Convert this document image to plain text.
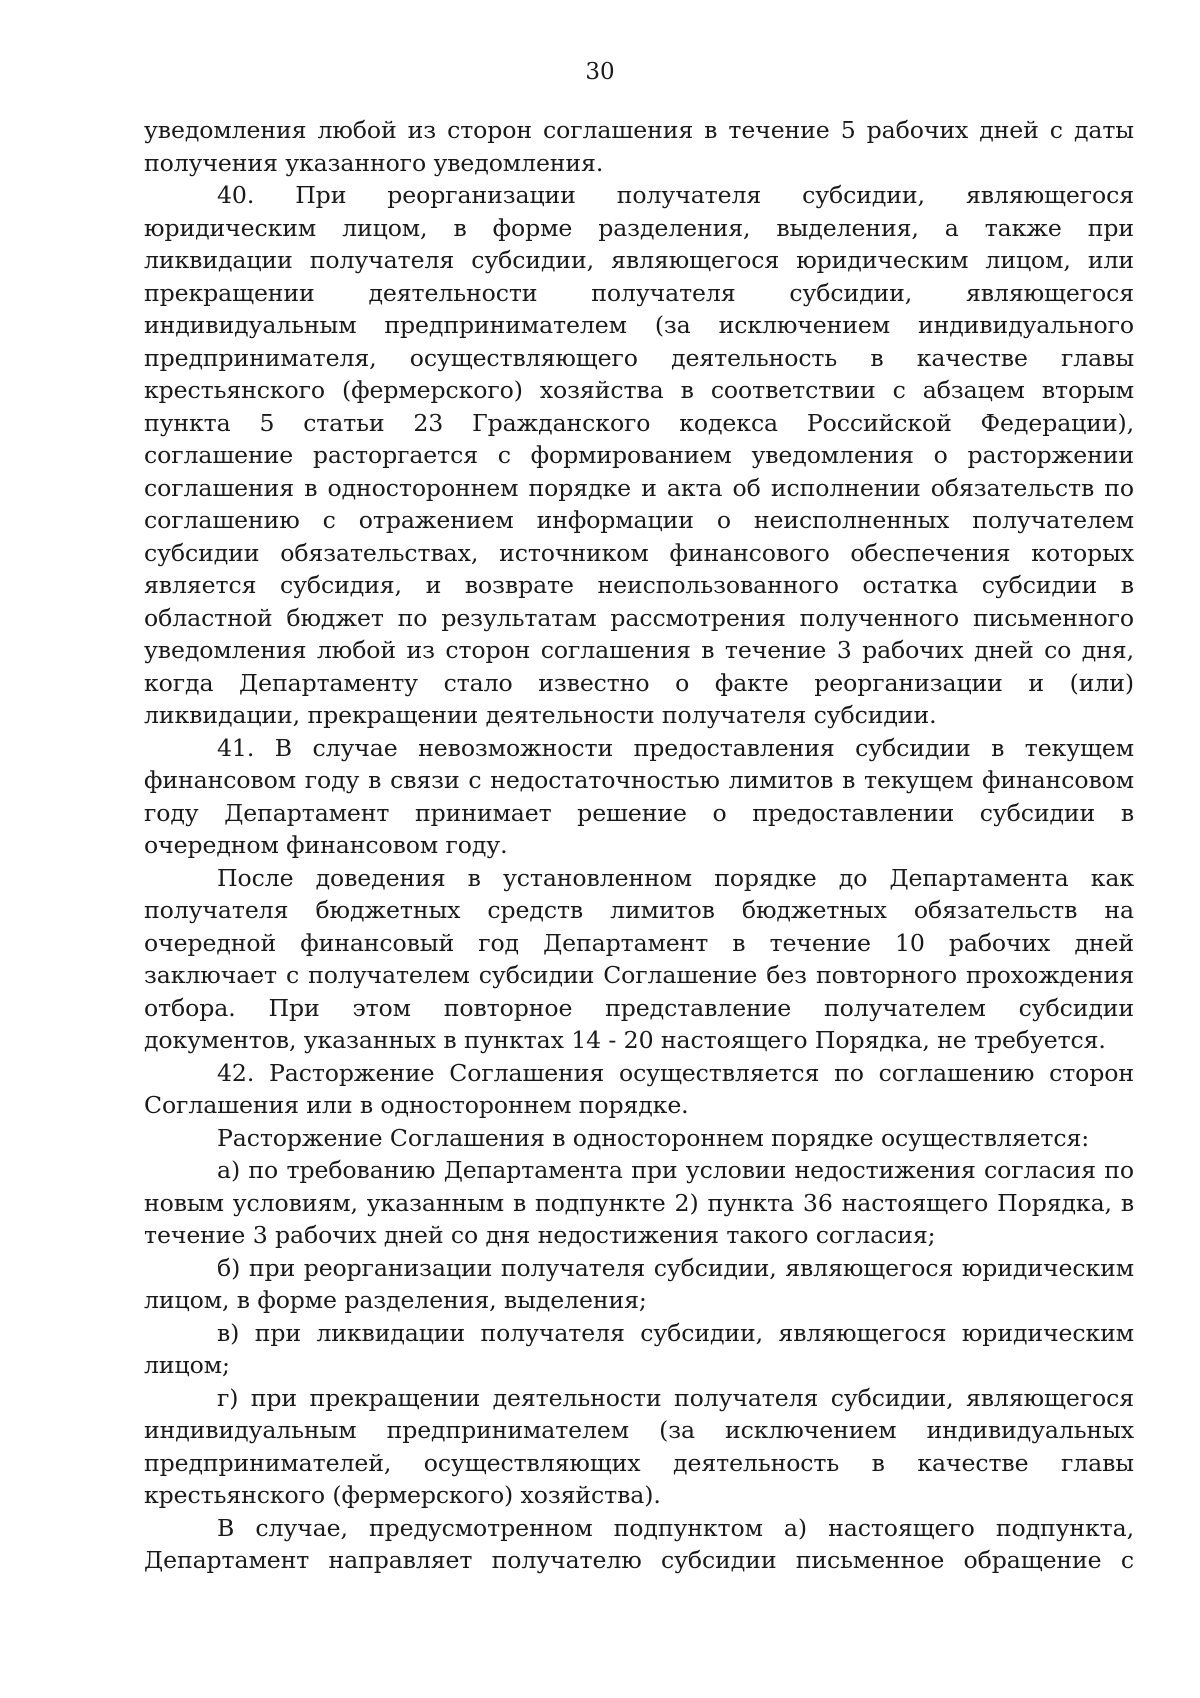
30

уведомления любой из сторон соглашения в течение 5 рабочих дней с даты получения указанного уведомления.

40. При реорганизации получателя субсидии, являющегося юридическим лицом, в форме разделения, выделения, а также при ликвидации получателя субсидии, являющегося юридическим лицом, или прекращении деятельности получателя субсидии, являющегося индивидуальным предпринимателем (за исключением индивидуального предпринимателя, осуществляющего деятельность в качестве главы крестьянского (фермерского) хозяйства в соответствии с абзацем вторым пункта 5 статьи 23 Гражданского кодекса Российской Федерации), соглашение расторгается с формированием уведомления о расторжении соглашения в одностороннем порядке и акта об исполнении обязательств по соглашению с отражением информации о неисполненных получателем субсидии обязательствах, источником финансового обеспечения которых является субсидия, и возврате неиспользованного остатка субсидии в областной бюджет по результатам рассмотрения полученного письменного уведомления любой из сторон соглашения в течение 3 рабочих дней со дня, когда Департаменту стало известно о факте реорганизации и (или) ликвидации, прекращении деятельности получателя субсидии.

41. В случае невозможности предоставления субсидии в текущем финансовом году в связи с недостаточностью лимитов в текущем финансовом году Департамент принимает решение о предоставлении субсидии в очередном финансовом году.

После доведения в установленном порядке до Департамента как получателя бюджетных средств лимитов бюджетных обязательств на очередной финансовый год Департамент в течение 10 рабочих дней заключает с получателем субсидии Соглашение без повторного прохождения отбора. При этом повторное представление получателем субсидии документов, указанных в пунктах 14 - 20 настоящего Порядка, не требуется.

42. Расторжение Соглашения осуществляется по соглашению сторон Соглашения или в одностороннем порядке.

Расторжение Соглашения в одностороннем порядке осуществляется:

а) по требованию Департамента при условии недостижения согласия по новым условиям, указанным в подпункте 2) пункта 36 настоящего Порядка, в течение 3 рабочих дней со дня недостижения такого согласия;

б) при реорганизации получателя субсидии, являющегося юридическим лицом, в форме разделения, выделения;

в) при ликвидации получателя субсидии, являющегося юридическим лицом;

г) при прекращении деятельности получателя субсидии, являющегося индивидуальным предпринимателем (за исключением индивидуальных предпринимателей, осуществляющих деятельность в качестве главы крестьянского (фермерского) хозяйства).

В случае, предусмотренном подпунктом а) настоящего подпункта, Департамент направляет получателю субсидии письменное обращение с
